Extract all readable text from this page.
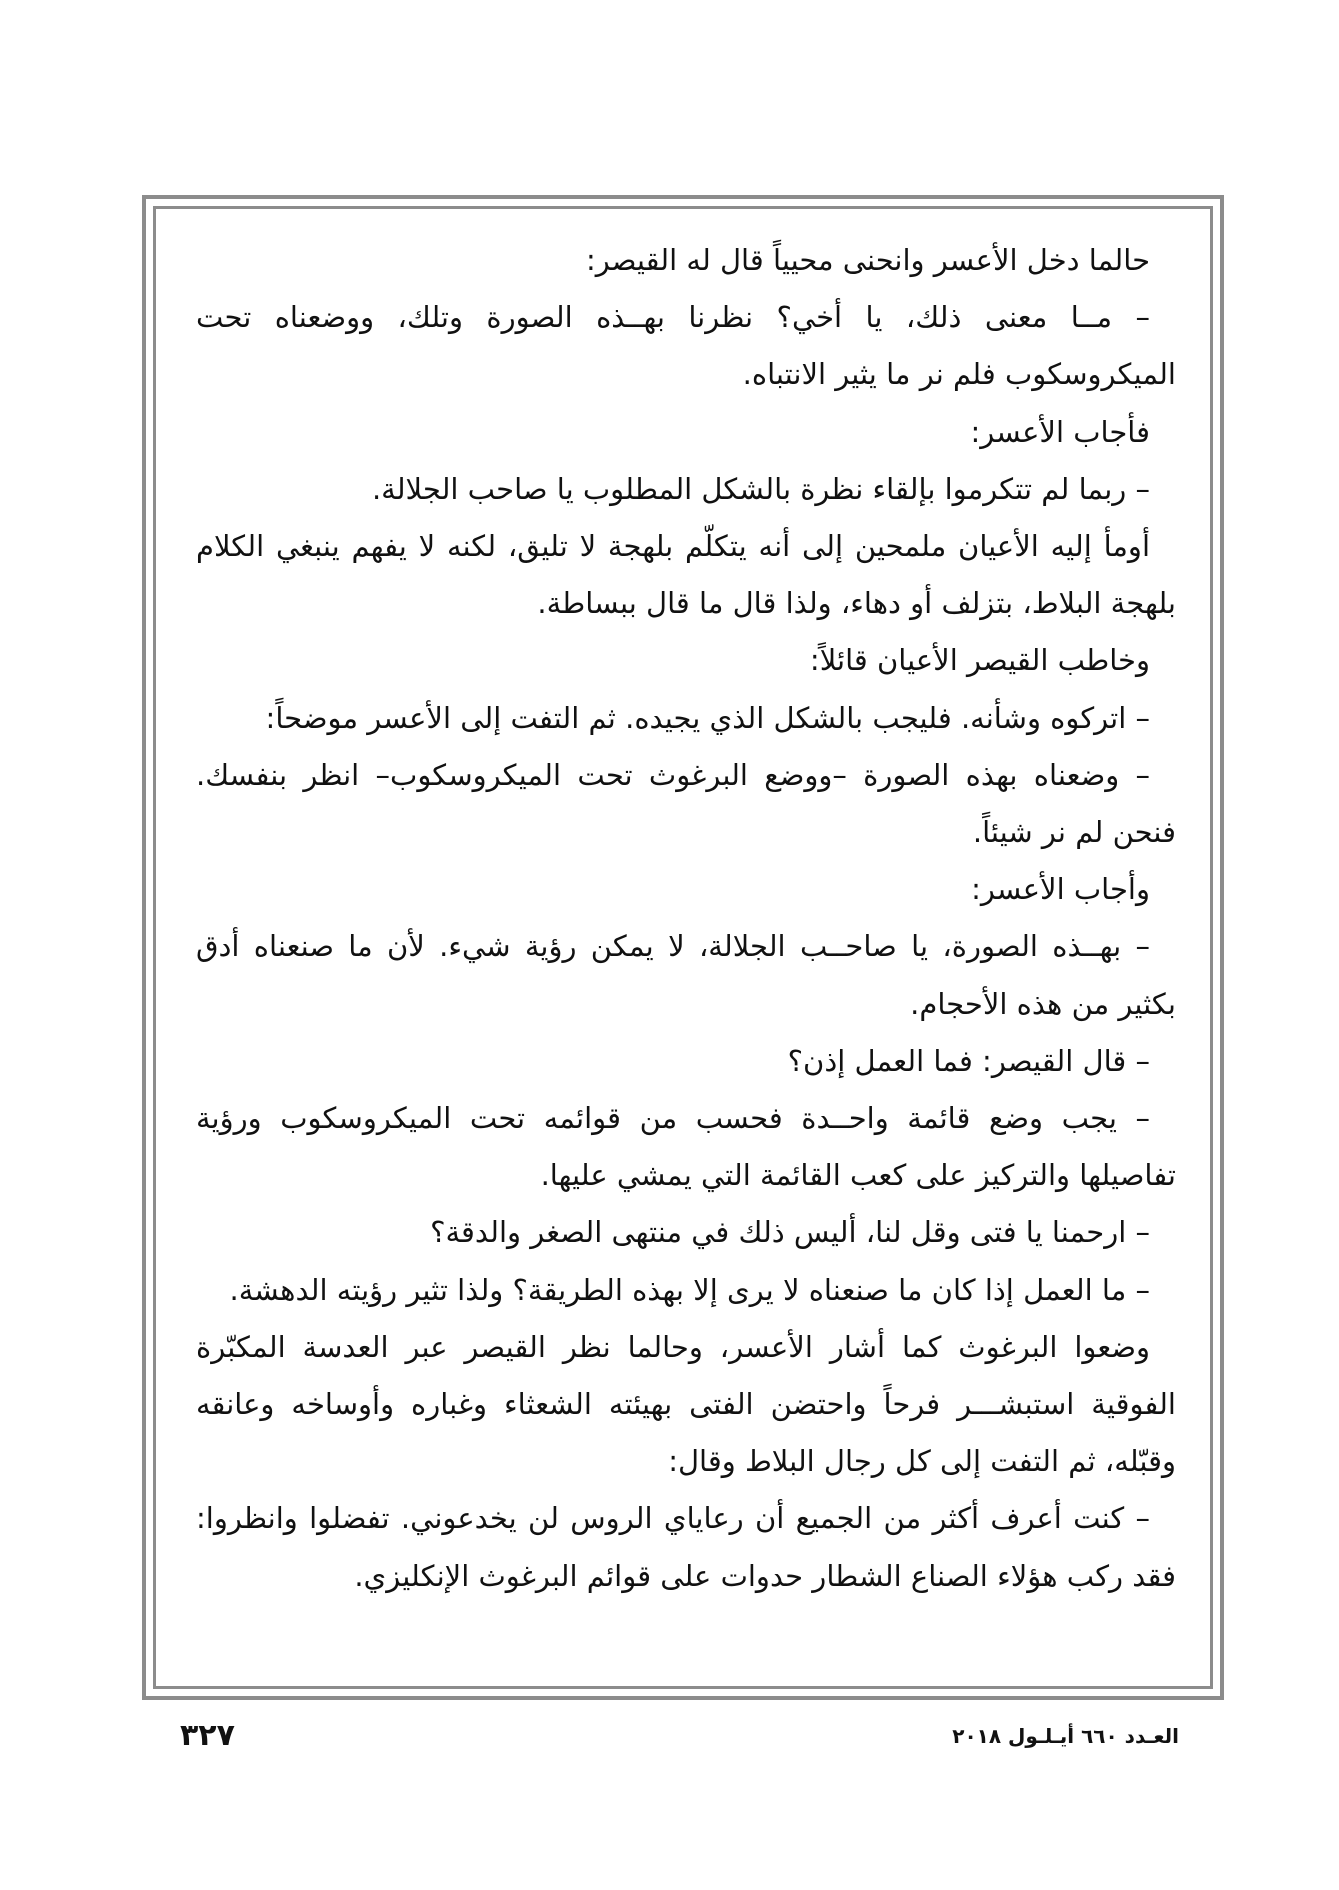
حالما دخل الأعسر وانحنى محيياً قال له القيصر:

– مــا معنى ذلك، يا أخي؟ نظرنا بهــذه الصورة وتلك، ووضعناه تحت الميكروسكوب فلم نر ما يثير الانتباه.

فأجاب الأعسر:

– ربما لم تتكرموا بإلقاء نظرة بالشكل المطلوب يا صاحب الجلالة.

أومأ إليه الأعيان ملمحين إلى أنه يتكلّم بلهجة لا تليق، لكنه لا يفهم ينبغي الكلام بلهجة البلاط، بتزلف أو دهاء، ولذا قال ما قال ببساطة.

وخاطب القيصر الأعيان قائلاً:

– اتركوه وشأنه. فليجب بالشكل الذي يجيده. ثم التفت إلى الأعسر موضحاً:

– وضعناه بهذه الصورة –ووضع البرغوث تحت الميكروسكوب– انظر بنفسك. فنحن لم نر شيئاً.

وأجاب الأعسر:

– بهــذه الصورة، يا صاحــب الجلالة، لا يمكن رؤية شيء. لأن ما صنعناه أدق بكثير من هذه الأحجام.

– قال القيصر: فما العمل إذن؟

– يجب وضع قائمة واحــدة فحسب من قوائمه تحت الميكروسكوب ورؤية تفاصيلها والتركيز على كعب القائمة التي يمشي عليها.

– ارحمنا يا فتى وقل لنا، أليس ذلك في منتهى الصغر والدقة؟

– ما العمل إذا كان ما صنعناه لا يرى إلا بهذه الطريقة؟ ولذا تثير رؤيته الدهشة.

وضعوا البرغوث كما أشار الأعسر، وحالما نظر القيصر عبر العدسة المكبّرة الفوقية استبشـــر فرحاً واحتضن الفتى بهيئته الشعثاء وغباره وأوساخه وعانقه وقبّله، ثم التفت إلى كل رجال البلاط وقال:

– كنت أعرف أكثر من الجميع أن رعاياي الروس لن يخدعوني. تفضلوا وانظروا: فقد ركب هؤلاء الصناع الشطار حدوات على قوائم البرغوث الإنكليزي.

٣٢٧	العـدد ٦٦٠ أيـلـول ٢٠١٨
